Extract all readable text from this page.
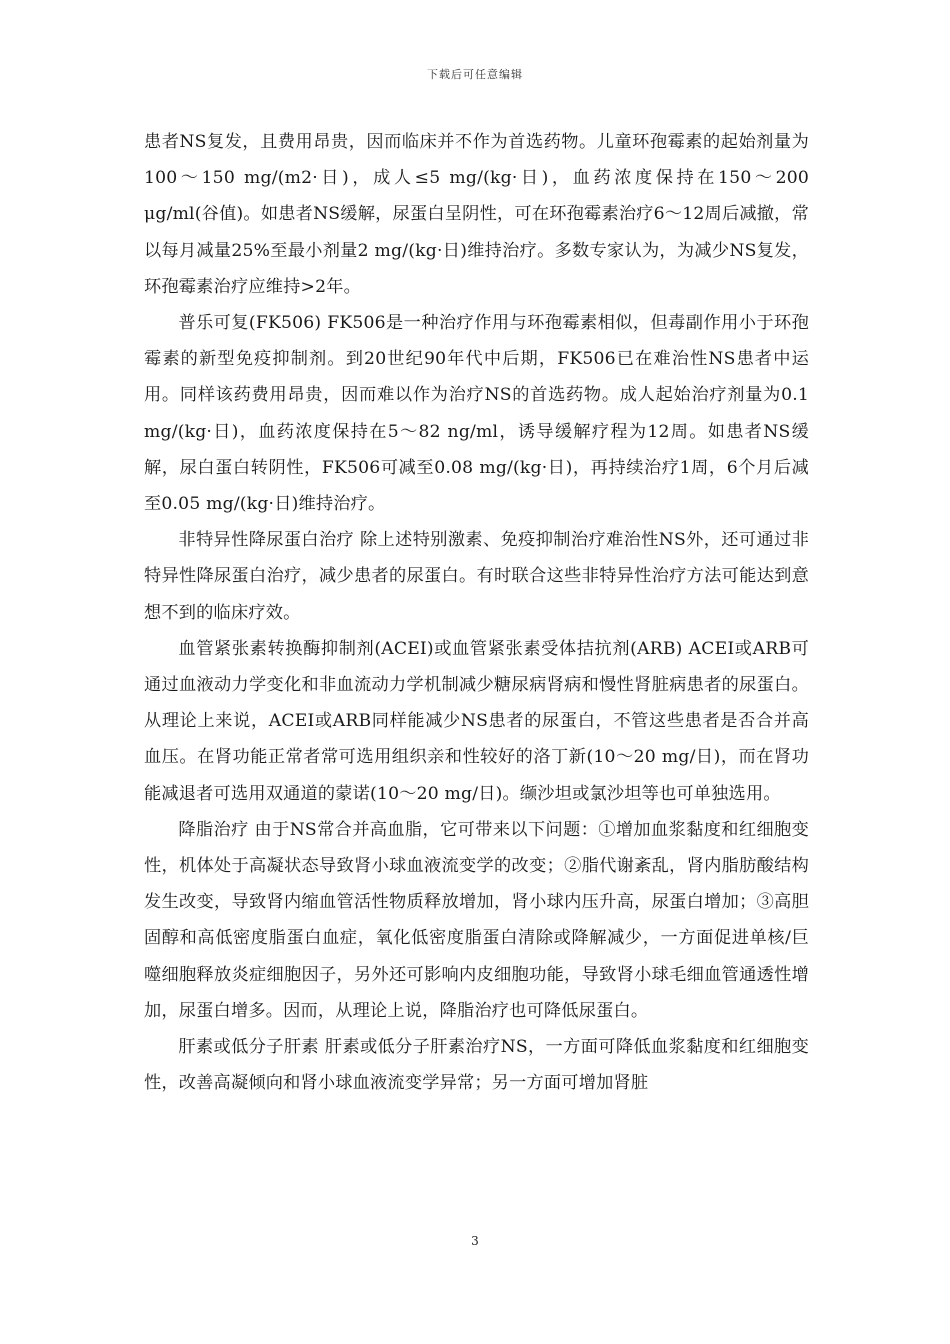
下载后可任意编辑

患者NS复发，且费用昂贵，因而临床并不作为首选药物。儿童环孢霉素的起始剂量为100～150 mg/(m2·日)，成人≤5 mg/(kg·日)，血药浓度保持在150～200 μg/ml(谷值)。如患者NS缓解，尿蛋白呈阴性，可在环孢霉素治疗6～12周后减撤，常以每月减量25%至最小剂量2 mg/(kg·日)维持治疗。多数专家认为，为减少NS复发，环孢霉素治疗应维持>2年。

普乐可复(FK506) FK506是一种治疗作用与环孢霉素相似，但毒副作用小于环孢霉素的新型免疫抑制剂。到20世纪90年代中后期，FK506已在难治性NS患者中运用。同样该药费用昂贵，因而难以作为治疗NS的首选药物。成人起始治疗剂量为0.1 mg/(kg·日)，血药浓度保持在5～82 ng/ml，诱导缓解疗程为12周。如患者NS缓解，尿白蛋白转阴性，FK506可减至0.08 mg/(kg·日)，再持续治疗1周，6个月后减至0.05 mg/(kg·日)维持治疗。

非特异性降尿蛋白治疗 除上述特别激素、免疫抑制治疗难治性NS外，还可通过非特异性降尿蛋白治疗，减少患者的尿蛋白。有时联合这些非特异性治疗方法可能达到意想不到的临床疗效。

血管紧张素转换酶抑制剂(ACEI)或血管紧张素受体拮抗剂(ARB) ACEI或ARB可通过血液动力学变化和非血流动力学机制减少糖尿病肾病和慢性肾脏病患者的尿蛋白。从理论上来说，ACEI或ARB同样能减少NS患者的尿蛋白，不管这些患者是否合并高血压。在肾功能正常者常可选用组织亲和性较好的洛丁新(10～20 mg/日)，而在肾功能减退者可选用双通道的蒙诺(10～20 mg/日)。缬沙坦或氯沙坦等也可单独选用。

降脂治疗 由于NS常合并高血脂，它可带来以下问题：①增加血浆黏度和红细胞变性，机体处于高凝状态导致肾小球血液流变学的改变；②脂代谢紊乱，肾内脂肪酸结构发生改变，导致肾内缩血管活性物质释放增加，肾小球内压升高，尿蛋白增加；③高胆固醇和高低密度脂蛋白血症，氧化低密度脂蛋白清除或降解减少，一方面促进单核/巨噬细胞释放炎症细胞因子，另外还可影响内皮细胞功能，导致肾小球毛细血管通透性增加，尿蛋白增多。因而，从理论上说，降脂治疗也可降低尿蛋白。

肝素或低分子肝素 肝素或低分子肝素治疗NS，一方面可降低血浆黏度和红细胞变性，改善高凝倾向和肾小球血液流变学异常；另一方面可增加肾脏

3
